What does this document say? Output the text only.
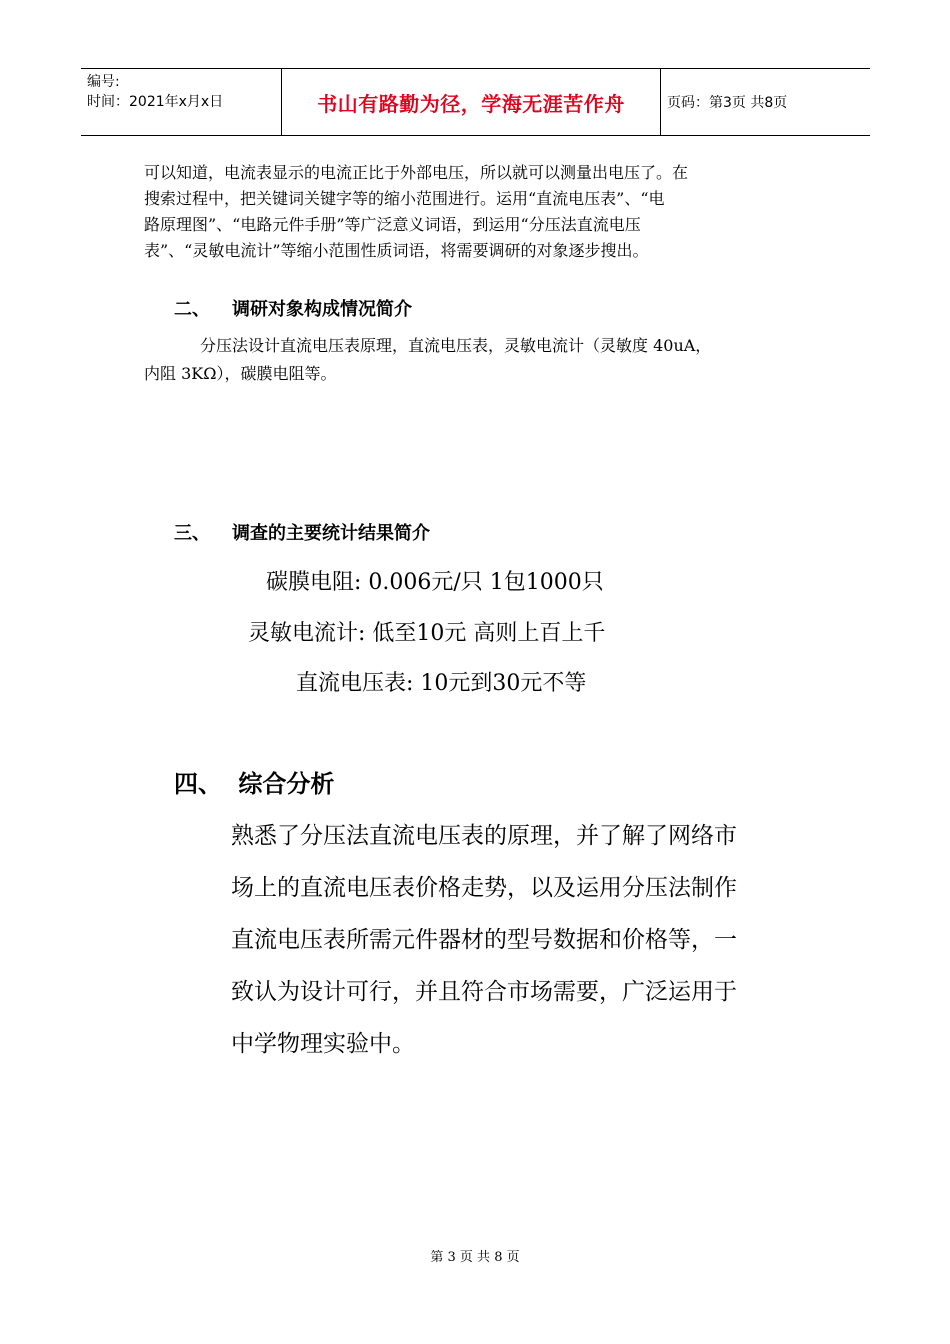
编号:
时间：2021年x月x日	书山有路勤为径，学海无涯苦作舟	页码：第3页 共8页

可以知道，电流表显示的电流正比于外部电压，所以就可以测量出电压了。在

搜索过程中，把关键词关键字等的缩小范围进行。运用“直流电压表”、“电

路原理图”、“电路元件手册”等广泛意义词语，到运用“分压法直流电压

表”、“灵敏电流计”等缩小范围性质词语，将需要调研的对象逐步搜出。

二、 调研对象构成情况简介
分压法设计直流电压表原理，直流电压表，灵敏电流计（灵敏度 40uA，
内阻 3KΩ），碳膜电阻等。
三、 调查的主要统计结果简介
碳膜电阻: 0.006元/只 1包1000只
灵敏电流计: 低至10元 高则上百上千
直流电压表: 10元到30元不等
四、 综合分析

熟悉了分压法直流电压表的原理，并了解了网络市

场上的直流电压表价格走势，以及运用分压法制作

直流电压表所需元件器材的型号数据和价格等，一

致认为设计可行，并且符合市场需要，广泛运用于

中学物理实验中。

第 3 页 共 8 页
